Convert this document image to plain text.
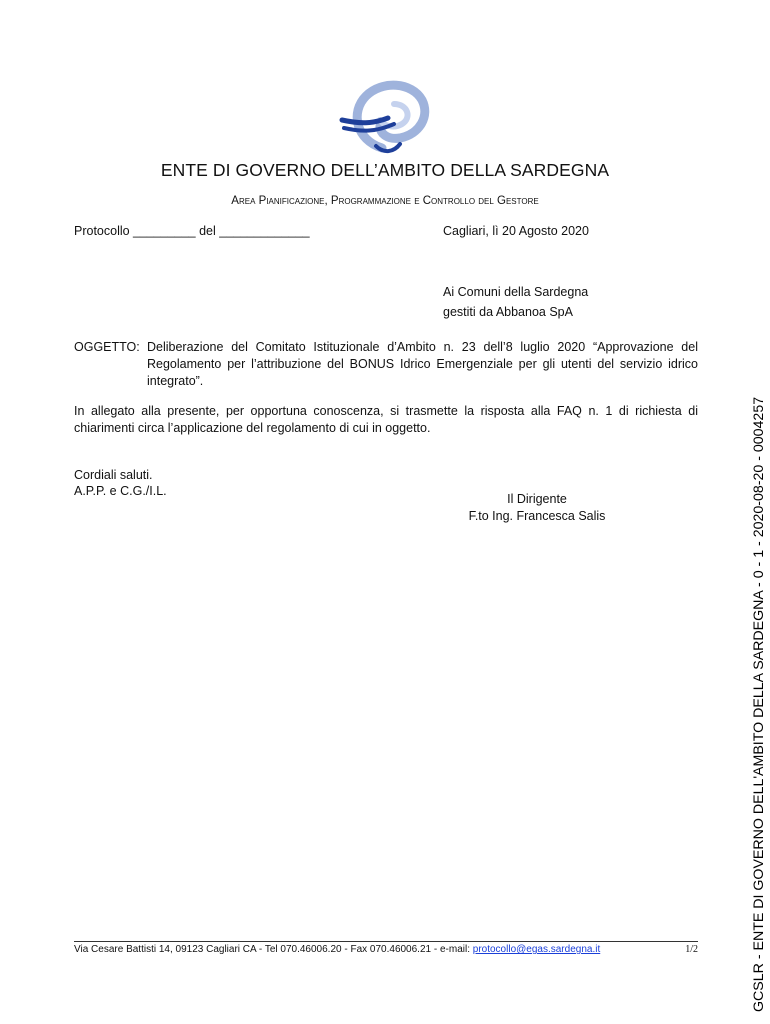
ENTE DI GOVERNO DELL’AMBITO DELLA SARDEGNA
Area Pianificazione, Programmazione e Controllo del Gestore
Protocollo _________ del _____________	Cagliari, lì 20 Agosto 2020
Ai Comuni della Sardegna
gestiti da Abbanoa SpA
OGGETTO: Deliberazione del Comitato Istituzionale d’Ambito n. 23 dell’8 luglio 2020 “Approvazione del Regolamento per l’attribuzione del BONUS Idrico Emergenziale per gli utenti del servizio idrico integrato”.
In allegato alla presente, per opportuna conoscenza, si trasmette la risposta alla FAQ n. 1 di richiesta di chiarimenti circa l’applicazione del regolamento di cui in oggetto.
Cordiali saluti.
A.P.P. e C.G./I.L.
Il Dirigente
F.to Ing. Francesca Salis
Via Cesare Battisti 14, 09123 Cagliari CA - Tel 070.46006.20 - Fax 070.46006.21 - e-mail: protocollo@egas.sardegna.it	1/2	GCSLR - ENTE DI GOVERNO DELL'AMBITO DELLA SARDEGNA - 0 - 1 - 2020-08-20 - 0004257
